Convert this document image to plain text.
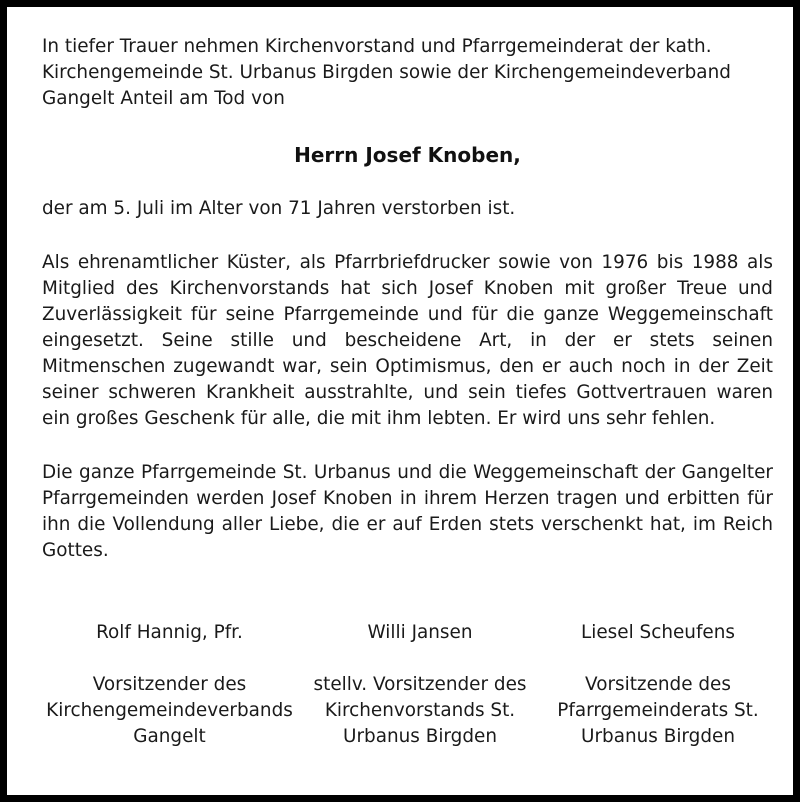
In tiefer Trauer nehmen Kirchenvorstand und Pfarrgemeinderat der kath. Kirchengemeinde St. Urbanus Birgden sowie der Kirchengemeindeverband Gangelt Anteil am Tod von

Herrn Josef Knoben,

der am 5. Juli im Alter von 71 Jahren verstorben ist.

Als ehrenamtlicher Küster, als Pfarrbriefdrucker sowie von 1976 bis 1988 als Mitglied des Kirchenvorstands hat sich Josef Knoben mit großer Treue und Zuverlässigkeit für seine Pfarrgemeinde und für die ganze Weggemeinschaft eingesetzt. Seine stille und bescheidene Art, in der er stets seinen Mitmenschen zugewandt war, sein Optimismus, den er auch noch in der Zeit seiner schweren Krankheit ausstrahlte, und sein tiefes Gottvertrauen waren ein großes Geschenk für alle, die mit ihm lebten. Er wird uns sehr fehlen.

Die ganze Pfarrgemeinde St. Urbanus und die Weggemeinschaft der Gangelter Pfarrgemeinden werden Josef Knoben in ihrem Herzen tragen und erbitten für ihn die Vollendung aller Liebe, die er auf Erden stets verschenkt hat, im Reich Gottes.

Rolf Hannig, Pfr.

Vorsitzender des

Kirchengemeindeverbands

Gangelt

Willi Jansen

stellv. Vorsitzender des

Kirchenvorstands St.

Urbanus Birgden

Liesel Scheufens

Vorsitzende des

Pfarrgemeinderats St.

Urbanus Birgden
